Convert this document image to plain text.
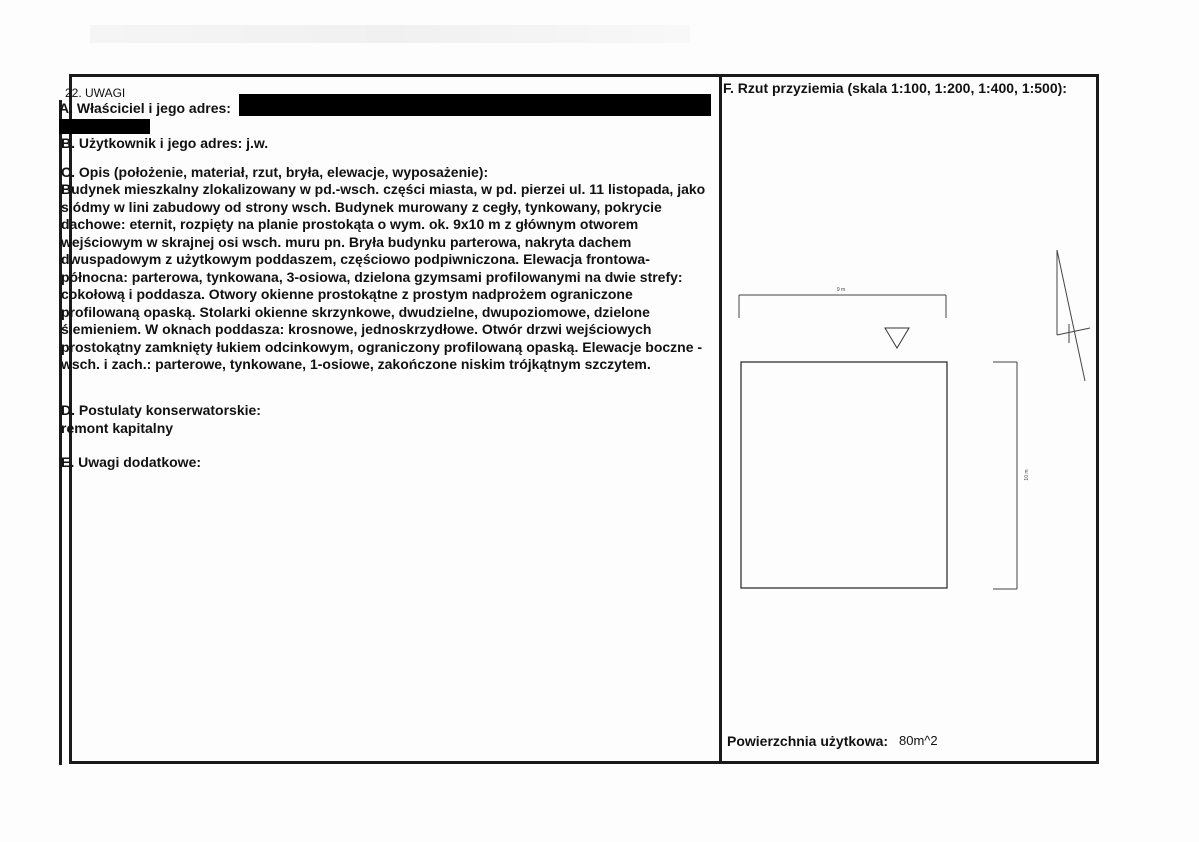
22. UWAGI
A. Właściciel i jego adres:
B. Użytkownik i jego adres: j.w.
C. Opis (położenie, materiał, rzut, bryła, elewacje, wyposażenie):
Budynek mieszkalny zlokalizowany w pd.-wsch. części miasta, w pd. pierzei ul. 11 listopada, jako
siódmy w lini zabudowy od strony wsch. Budynek murowany z cegły, tynkowany, pokrycie
dachowe: eternit, rozpięty na planie prostokąta o wym. ok. 9x10 m z głównym otworem
wejściowym w skrajnej osi wsch. muru pn. Bryła budynku parterowa, nakryta dachem
dwuspadowym z użytkowym poddaszem, częściowo podpiwniczona. Elewacja frontowa-
północna: parterowa, tynkowana, 3-osiowa, dzielona gzymsami profilowanymi na dwie strefy:
cokołową i poddasza. Otwory okienne prostokątne z prostym nadprożem ograniczone
profilowaną opaską. Stolarki okienne skrzynkowe, dwudzielne, dwupoziomowe, dzielone
ślemieniem. W oknach poddasza: krosnowe, jednoskrzydłowe. Otwór drzwi wejściowych
prostokątny zamknięty łukiem odcinkowym, ograniczony profilowaną opaską. Elewacje boczne -
wsch. i zach.: parterowe, tynkowane, 1-osiowe, zakończone niskim trójkątnym szczytem.
D. Postulaty konserwatorskie:
remont kapitalny
E. Uwagi dodatkowe:
F. Rzut przyziemia (skala 1:100, 1:200, 1:400, 1:500):
9 m
10 m
Powierzchnia użytkowa: 80m^2
